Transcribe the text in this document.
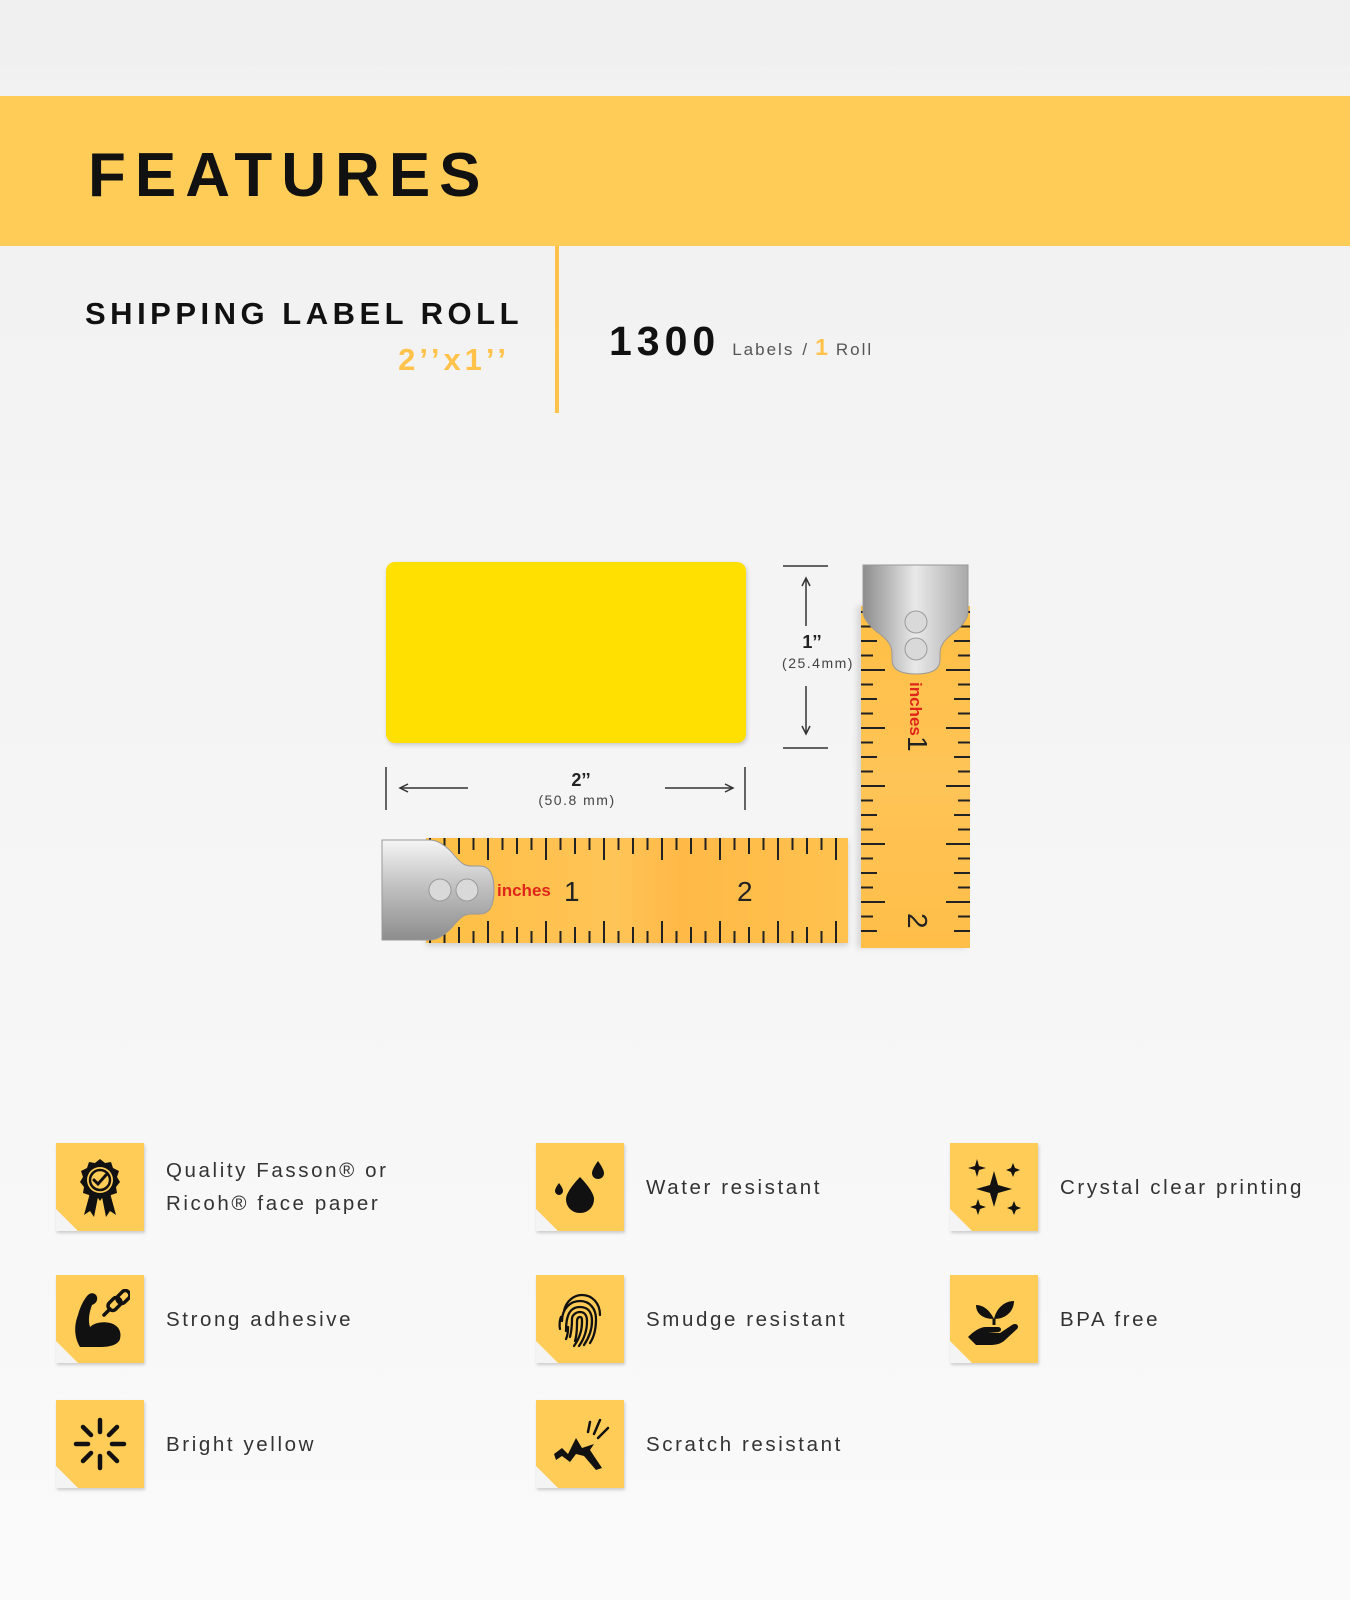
FEATURES
SHIPPING LABEL ROLL
2’’x1’’ 1300 Labels / 1 Roll
2’’
(50.8 mm)
1’’
(25.4mm)
inches 1	2
inches
1
2
Quality Fasson® or
Ricoh® face paper
Water resistant	Crystal clear printing
Strong adhesive	Smudge resistant	BPA free
Bright yellow	Scratch resistant
